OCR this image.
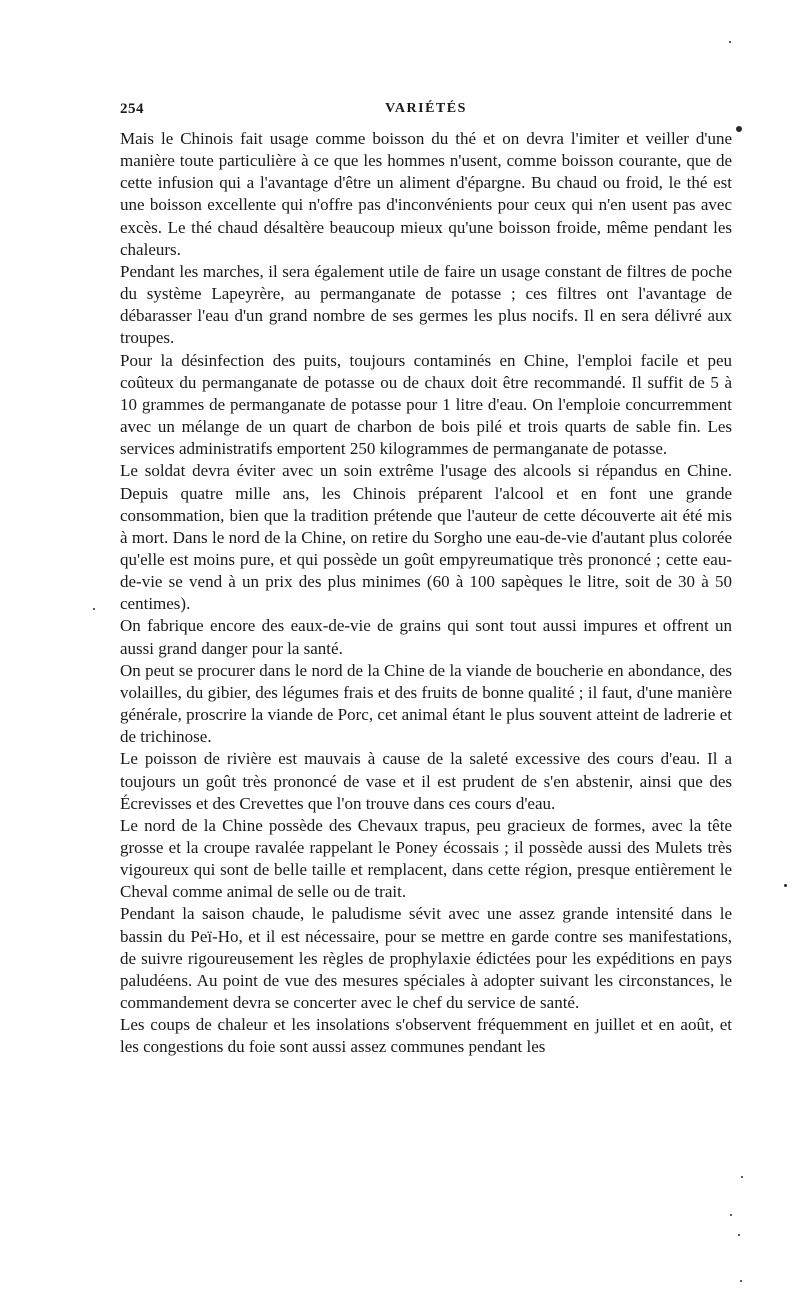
254	VARIÉTÉS

Mais le Chinois fait usage comme boisson du thé et on devra l'imiter et veiller d'une manière toute particulière à ce que les hommes n'usent, comme boisson courante, que de cette infusion qui a l'avantage d'être un aliment d'épargne. Bu chaud ou froid, le thé est une boisson excellente qui n'offre pas d'inconvénients pour ceux qui n'en usent pas avec excès. Le thé chaud désaltère beaucoup mieux qu'une boisson froide, même pendant les chaleurs.

Pendant les marches, il sera également utile de faire un usage constant de filtres de poche du système Lapeyrère, au permanganate de potasse ; ces filtres ont l'avantage de débarasser l'eau d'un grand nombre de ses germes les plus nocifs. Il en sera délivré aux troupes.

Pour la désinfection des puits, toujours contaminés en Chine, l'emploi facile et peu coûteux du permanganate de potasse ou de chaux doit être recommandé. Il suffit de 5 à 10 grammes de permanganate de potasse pour 1 litre d'eau. On l'emploie concurremment avec un mélange de un quart de charbon de bois pilé et trois quarts de sable fin. Les services administratifs emportent 250 kilogrammes de permanganate de potasse.

Le soldat devra éviter avec un soin extrême l'usage des alcools si répandus en Chine. Depuis quatre mille ans, les Chinois préparent l'alcool et en font une grande consommation, bien que la tradition prétende que l'auteur de cette découverte ait été mis à mort. Dans le nord de la Chine, on retire du Sorgho une eau-de-vie d'autant plus colorée qu'elle est moins pure, et qui possède un goût empyreumatique très prononcé ; cette eau-de-vie se vend à un prix des plus minimes (60 à 100 sapèques le litre, soit de 30 à 50 centimes).

On fabrique encore des eaux-de-vie de grains qui sont tout aussi impures et offrent un aussi grand danger pour la santé.

On peut se procurer dans le nord de la Chine de la viande de boucherie en abondance, des volailles, du gibier, des légumes frais et des fruits de bonne qualité ; il faut, d'une manière générale, proscrire la viande de Porc, cet animal étant le plus souvent atteint de ladrerie et de trichinose.

Le poisson de rivière est mauvais à cause de la saleté excessive des cours d'eau. Il a toujours un goût très prononcé de vase et il est prudent de s'en abstenir, ainsi que des Écrevisses et des Crevettes que l'on trouve dans ces cours d'eau.

Le nord de la Chine possède des Chevaux trapus, peu gracieux de formes, avec la tête grosse et la croupe ravalée rappelant le Poney écossais ; il possède aussi des Mulets très vigoureux qui sont de belle taille et remplacent, dans cette région, presque entièrement le Cheval comme animal de selle ou de trait.

Pendant la saison chaude, le paludisme sévit avec une assez grande intensité dans le bassin du Peï-Ho, et il est nécessaire, pour se mettre en garde contre ses manifestations, de suivre rigoureusement les règles de prophylaxie édictées pour les expéditions en pays paludéens. Au point de vue des mesures spéciales à adopter suivant les circonstances, le commandement devra se concerter avec le chef du service de santé.

Les coups de chaleur et les insolations s'observent fréquemment en juillet et en août, et les congestions du foie sont aussi assez communes pendant les
